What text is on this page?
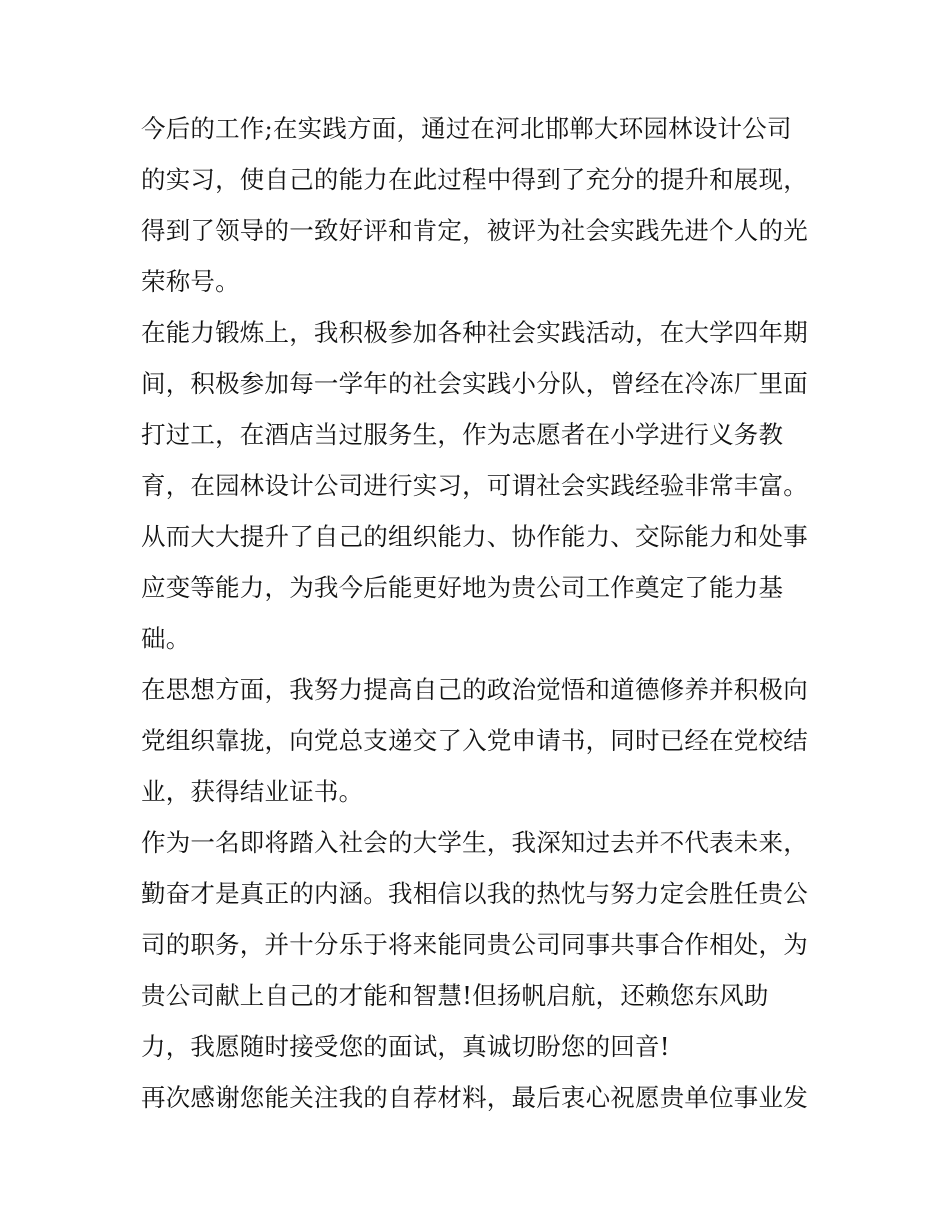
今后的工作;在实践方面，通过在河北邯郸大环园林设计公司
的实习，使自己的能力在此过程中得到了充分的提升和展现，
得到了领导的一致好评和肯定，被评为社会实践先进个人的光
荣称号。
在能力锻炼上，我积极参加各种社会实践活动，在大学四年期
间，积极参加每一学年的社会实践小分队，曾经在冷冻厂里面
打过工，在酒店当过服务生，作为志愿者在小学进行义务教
育，在园林设计公司进行实习，可谓社会实践经验非常丰富。
从而大大提升了自己的组织能力、协作能力、交际能力和处事
应变等能力，为我今后能更好地为贵公司工作奠定了能力基
础。
在思想方面，我努力提高自己的政治觉悟和道德修养并积极向
党组织靠拢，向党总支递交了入党申请书，同时已经在党校结
业，获得结业证书。
作为一名即将踏入社会的大学生，我深知过去并不代表未来，
勤奋才是真正的内涵。我相信以我的热忱与努力定会胜任贵公
司的职务，并十分乐于将来能同贵公司同事共事合作相处，为
贵公司献上自己的才能和智慧!但扬帆启航，还赖您东风助
力，我愿随时接受您的面试，真诚切盼您的回音!
再次感谢您能关注我的自荐材料，最后衷心祝愿贵单位事业发
